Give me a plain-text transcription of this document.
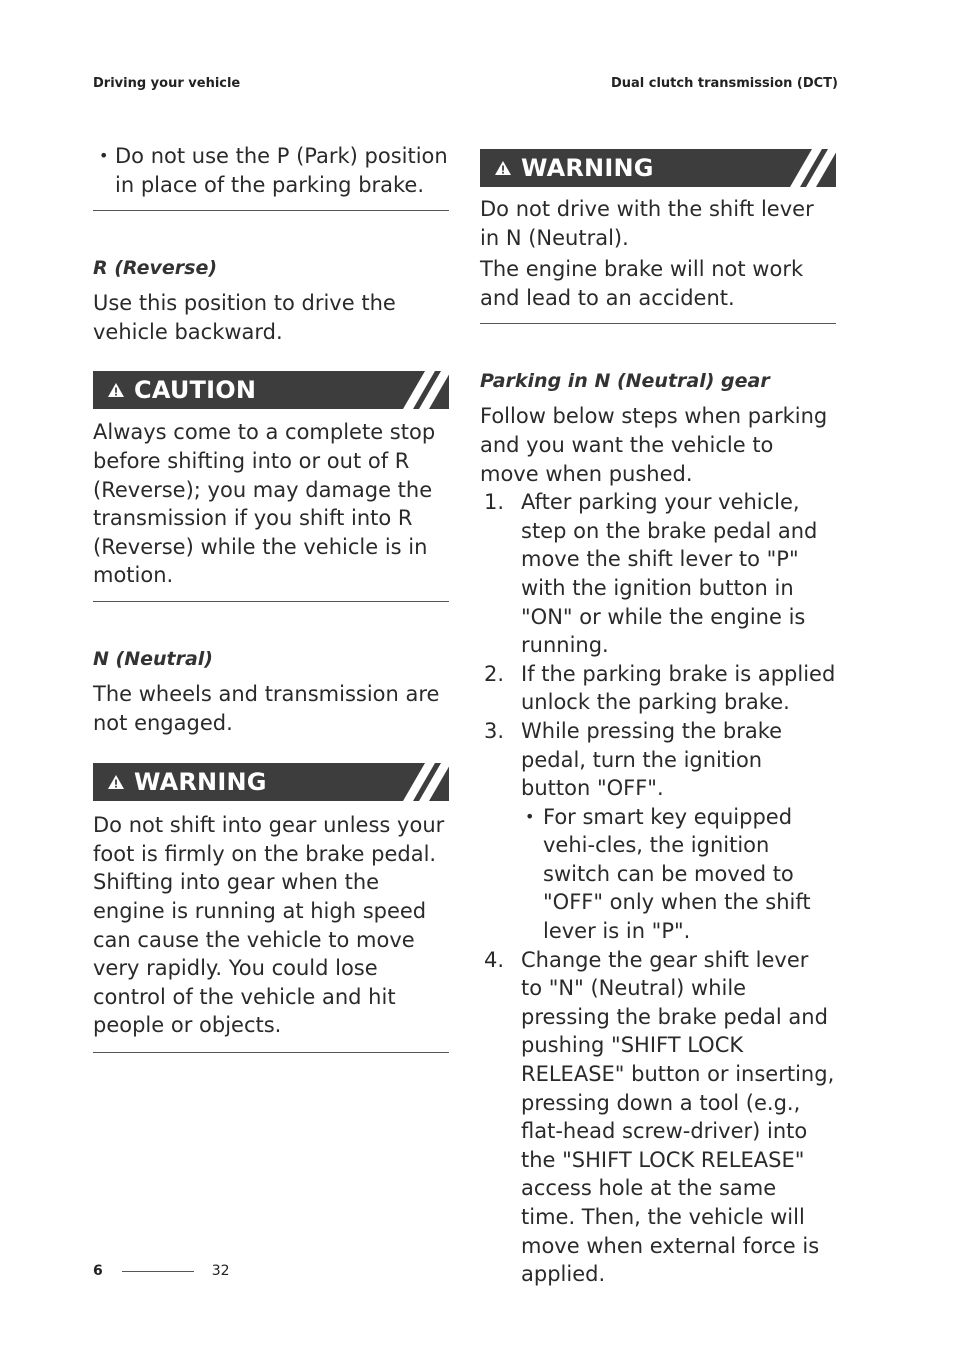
Driving your vehicle	Dual clutch transmission (DCT)

• Do not use the P (Park) position in place of the parking brake.

R (Reverse)

Use this position to drive the vehicle backward.

CAUTION

Always come to a complete stop before shifting into or out of R (Reverse); you may damage the transmission if you shift into R (Reverse) while the vehicle is in motion.

N (Neutral)

The wheels and transmission are not engaged.

WARNING

Do not shift into gear unless your foot is firmly on the brake pedal. Shifting into gear when the engine is running at high speed can cause the vehicle to move very rapidly. You could lose control of the vehicle and hit people or objects.

WARNING

Do not drive with the shift lever in N (Neutral).

The engine brake will not work and lead to an accident.

Parking in N (Neutral) gear

Follow below steps when parking and you want the vehicle to move when pushed.

1. After parking your vehicle, step on the brake pedal and move the shift lever to "P" with the ignition button in "ON" or while the engine is running.
2. If the parking brake is applied unlock the parking brake.
3. While pressing the brake pedal, turn the ignition button "OFF".
• For smart key equipped vehi-cles, the ignition switch can be moved to "OFF" only when the shift lever is in "P".
4. Change the gear shift lever to "N" (Neutral) while pressing the brake pedal and pushing "SHIFT LOCK RELEASE" button or inserting, pressing down a tool (e.g., flat-head screw-driver) into the "SHIFT LOCK RELEASE" access hole at the same time. Then, the vehicle will move when external force is applied.
6	32
